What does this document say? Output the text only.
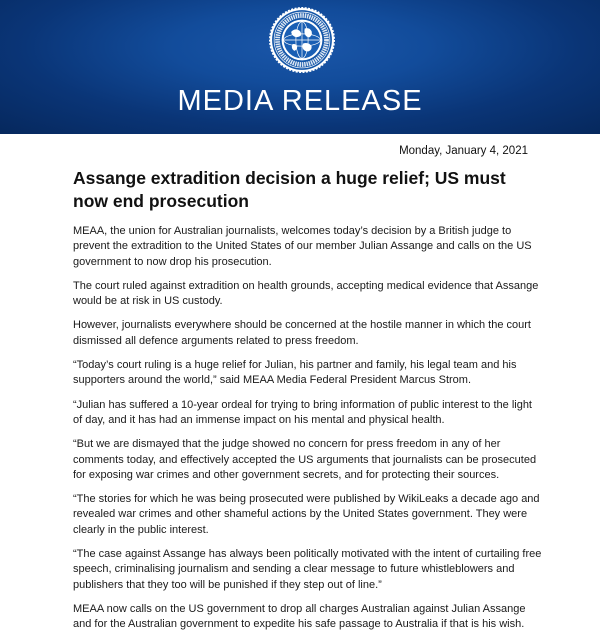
MEDIA RELEASE
Monday, January 4, 2021
Assange extradition decision a huge relief; US must now end prosecution

MEAA, the union for Australian journalists, welcomes today’s decision by a British judge to prevent the extradition to the United States of our member Julian Assange and calls on the US government to now drop his prosecution.

The court ruled against extradition on health grounds, accepting medical evidence that Assange would be at risk in US custody.

However, journalists everywhere should be concerned at the hostile manner in which the court dismissed all defence arguments related to press freedom.

“Today’s court ruling is a huge relief for Julian, his partner and family, his legal team and his supporters around the world,” said MEAA Media Federal President Marcus Strom.

“Julian has suffered a 10-year ordeal for trying to bring information of public interest to the light of day, and it has had an immense impact on his mental and physical health.

“But we are dismayed that the judge showed no concern for press freedom in any of her comments today, and effectively accepted the US arguments that journalists can be prosecuted for exposing war crimes and other government secrets, and for protecting their sources.

“The stories for which he was being prosecuted were published by WikiLeaks a decade ago and revealed war crimes and other shameful actions by the United States government. They were clearly in the public interest.

“The case against Assange has always been politically motivated with the intent of curtailing free speech, criminalising journalism and sending a clear message to future whistleblowers and publishers that they too will be punished if they step out of line.”

MEAA now calls on the US government to drop all charges Australian against Julian Assange and for the Australian government to expedite his safe passage to Australia if that is his wish.
